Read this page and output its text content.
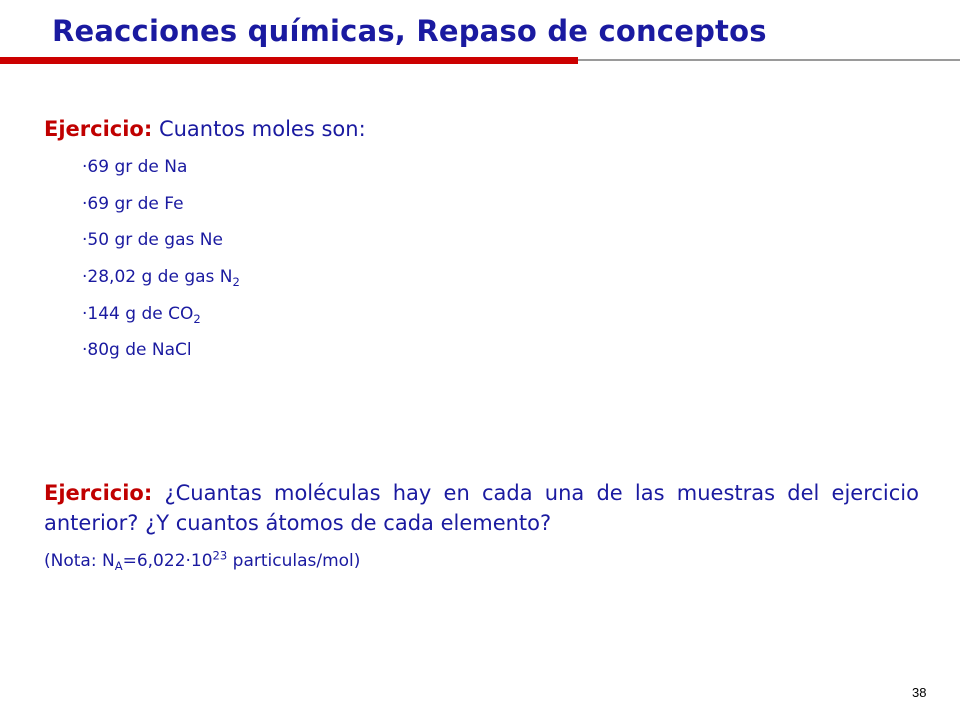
Reacciones químicas, Repaso de conceptos
Ejercicio: Cuantos moles son:
·69 gr de Na
·69 gr de Fe
·50 gr de gas Ne
·28,02 g de gas $N_2$
·144 g de $CO_2$
·80g de NaCl
Ejercicio: ¿Cuantas moléculas hay en cada una de las muestras del ejercicio anterior? ¿Y cuantos átomos de cada elemento?
(Nota: $N_A=6,022\cdot 10^{23}$ particulas/mol)
38
